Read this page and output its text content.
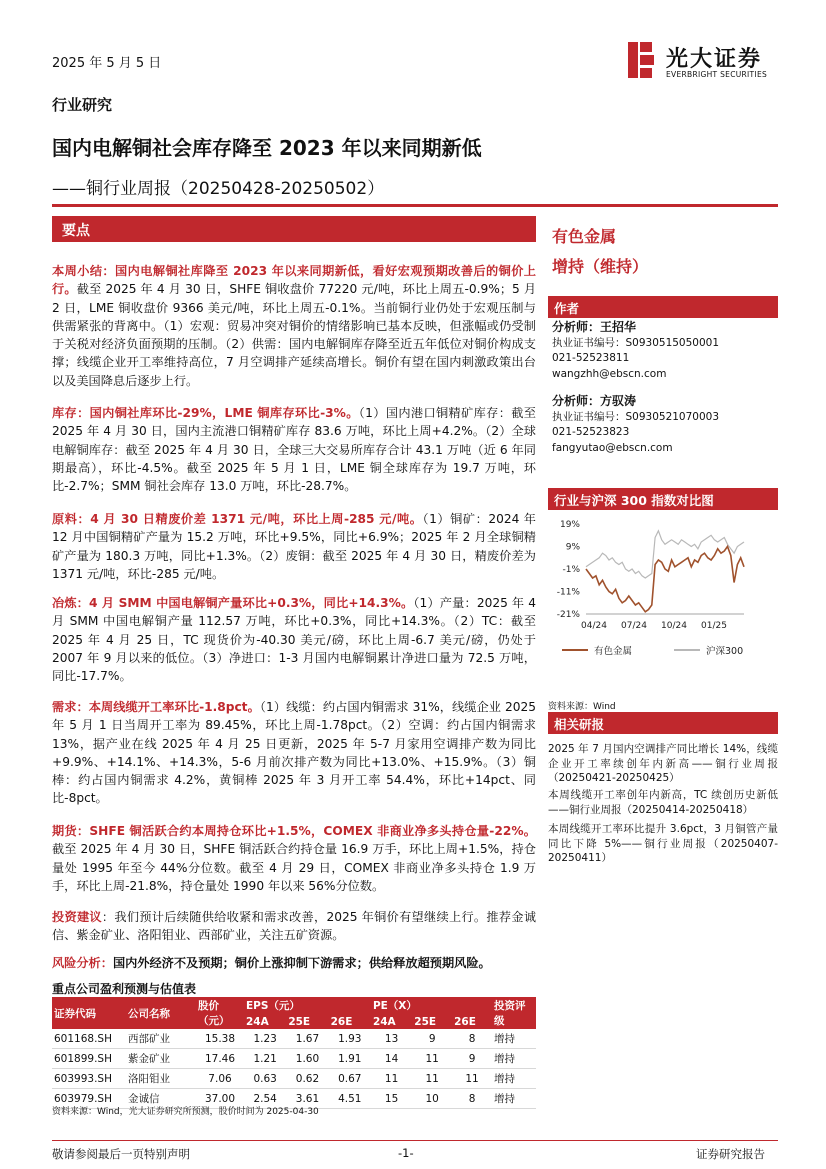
2025 年 5 月 5 日	光大证券
EVERBRIGHT SECURITIES
行业研究
国内电解铜社会库存降至 2023 年以来同期新低
——铜行业周报（20250428-20250502）
要点
本周小结：国内电解铜社库降至 2023 年以来同期新低，看好宏观预期改善后的铜价上行。截至 2025 年 4 月 30 日，SHFE 铜收盘价 77220 元/吨，环比上周五-0.9%；5 月 2 日，LME 铜收盘价 9366 美元/吨，环比上周五-0.1%。当前铜行业仍处于宏观压制与供需紧张的背离中。（1）宏观：贸易冲突对铜价的情绪影响已基本反映，但涨幅或仍受制于关税对经济负面预期的压制。（2）供需：国内电解铜库存降至近五年低位对铜价构成支撑；线缆企业开工率维持高位，7 月空调排产延续高增长。铜价有望在国内刺激政策出台以及美国降息后逐步上行。
库存：国内铜社库环比-29%，LME 铜库存环比-3%。（1）国内港口铜精矿库存：截至 2025 年 4 月 30 日，国内主流港口铜精矿库存 83.6 万吨，环比上周+4.2%。（2）全球电解铜库存：截至 2025 年 4 月 30 日，全球三大交易所库存合计 43.1 万吨（近 6 年同期最高），环比-4.5%。截至 2025 年 5 月 1 日，LME 铜全球库存为 19.7 万吨，环比-2.7%；SMM 铜社会库存 13.0 万吨，环比-28.7%。
原料：4 月 30 日精废价差 1371 元/吨，环比上周-285 元/吨。（1）铜矿：2024 年 12 月中国铜精矿产量为 15.2 万吨，环比+9.5%，同比+6.9%；2025 年 2 月全球铜精矿产量为 180.3 万吨，同比+1.3%。（2）废铜：截至 2025 年 4 月 30 日，精废价差为 1371 元/吨，环比-285 元/吨。
冶炼：4 月 SMM 中国电解铜产量环比+0.3%，同比+14.3%。（1）产量：2025 年 4 月 SMM 中国电解铜产量 112.57 万吨，环比+0.3%，同比+14.3%。（2）TC：截至 2025 年 4 月 25 日，TC 现货价为-40.30 美元/磅，环比上周-6.7 美元/磅，仍处于 2007 年 9 月以来的低位。（3）净进口：1-3 月国内电解铜累计净进口量为 72.5 万吨，同比-17.7%。
需求：本周线缆开工率环比-1.8pct。（1）线缆：约占国内铜需求 31%，线缆企业 2025 年 5 月 1 日当周开工率为 89.45%，环比上周-1.78pct。（2）空调：约占国内铜需求 13%，据产业在线 2025 年 4 月 25 日更新，2025 年 5-7 月家用空调排产数为同比+9.9%、+14.1%、+14.3%，5-6 月前次排产数为同比+13.0%、+15.9%。（3）铜棒：约占国内铜需求 4.2%，黄铜棒 2025 年 3 月开工率 54.4%，环比+14pct、同比-8pct。
期货：SHFE 铜活跃合约本周持仓环比+1.5%，COMEX 非商业净多头持仓量-22%。截至 2025 年 4 月 30 日，SHFE 铜活跃合约持仓量 16.9 万手，环比上周+1.5%，持仓量处 1995 年至今 44%分位数。截至 4 月 29 日，COMEX 非商业净多头持仓 1.9 万手，环比上周-21.8%，持仓量处 1990 年以来 56%分位数。
投资建议：我们预计后续随供给收紧和需求改善，2025 年铜价有望继续上行。推荐金诚信、紫金矿业、洛阳钼业、西部矿业，关注五矿资源。
风险分析：国内外经济不及预期；铜价上涨抑制下游需求；供给释放超预期风险。
有色金属
增持（维持）
作者
分析师：王招华
执业证书编号：S0930515050001
021-52523811
wangzhh@ebscn.com
分析师：方驭涛
执业证书编号：S0930521070003
021-52523823
fangyutao@ebscn.com
行业与沪深 300 指数对比图
19%
9%
-1%
-11%
-21%
04/24 07/24 10/24 01/25
有色金属	沪深300
资料来源：Wind
相关研报
2025 年 7 月国内空调排产同比增长 14%，线缆企业开工率续创年内新高——铜行业周报（20250421-20250425）
本周线缆开工率创年内新高，TC 续创历史新低——铜行业周报（20250414-20250418）
本周线缆开工率环比提升 3.6pct，3 月铜管产量同比下降 5%——铜行业周报（20250407-20250411）
重点公司盈利预测与估值表
证券代码	公司名称	股价（元）	EPS（元）			PE（X）			投资评级
			24A	25E	26E	24A	25E	26E	
601168.SH	西部矿业	15.38	1.23	1.67	1.93	13	9	8	增持
601899.SH	紫金矿业	17.46	1.21	1.60	1.91	14	11	9	增持
603993.SH	洛阳钼业	7.06	0.63	0.62	0.67	11	11	11	增持
603979.SH	金诚信	37.00	2.54	3.61	4.51	15	10	8	增持
资料来源：Wind，光大证券研究所预测，股价时间为 2025-04-30
敬请参阅最后一页特别声明	-1-	证券研究报告
